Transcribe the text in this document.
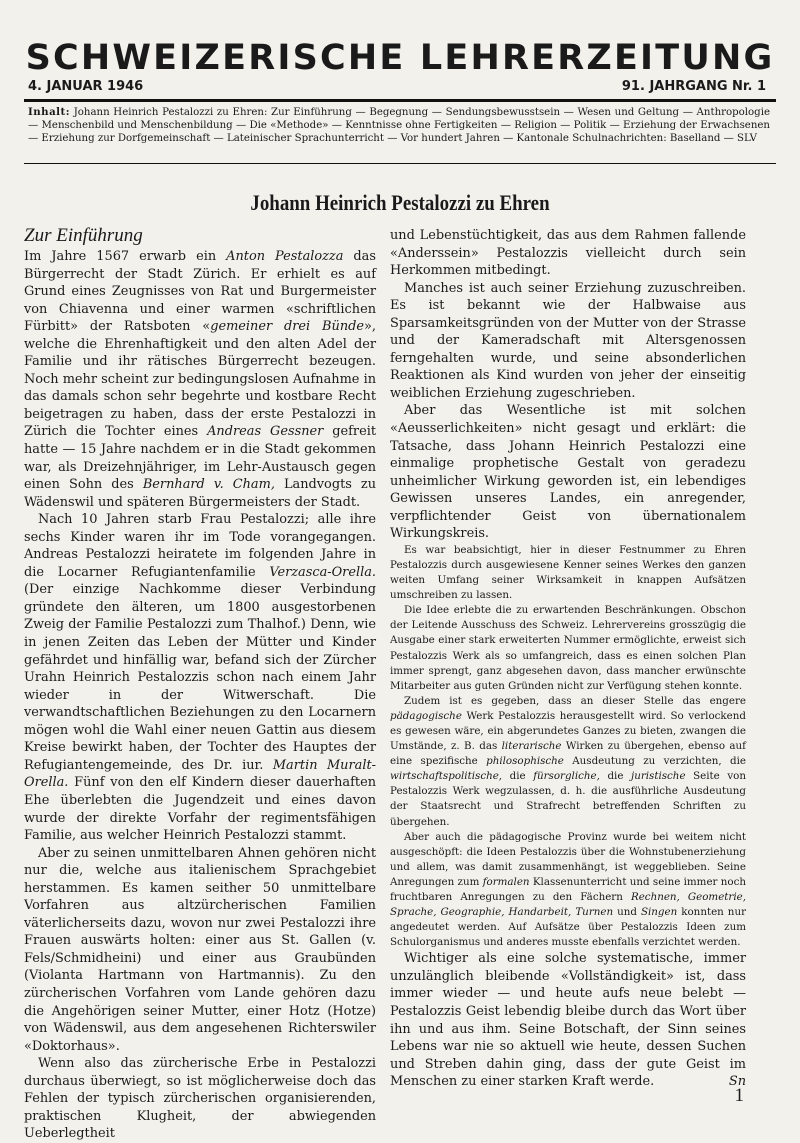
SCHWEIZERISCHE LEHRERZEITUNG
4. JANUAR 1946	91. JAHRGANG Nr. 1
Inhalt: Johann Heinrich Pestalozzi zu Ehren: Zur Einführung — Begegnung — Sendungsbewusstsein — Wesen und Geltung — Anthropologie — Menschenbild und Menschenbildung — Die «Methode» — Kenntnisse ohne Fertigkeiten — Religion — Politik — Erziehung der Erwachsenen — Erziehung zur Dorfgemeinschaft — Lateinischer Sprachunterricht — Vor hundert Jahren — Kantonale Schulnachrichten: Baselland — SLV
Johann Heinrich Pestalozzi zu Ehren
Zur Einführung

Im Jahre 1567 erwarb ein Anton Pestalozza das Bürgerrecht der Stadt Zürich. Er erhielt es auf Grund eines Zeugnisses von Rat und Burgermeister von Chiavenna und einer warmen «schriftlichen Fürbitt» der Ratsboten «gemeiner drei Bünde», welche die Ehrenhaftigkeit und den alten Adel der Familie und ihr rätisches Bürgerrecht bezeugen. Noch mehr scheint zur bedingungslosen Aufnahme in das damals schon sehr begehrte und kostbare Recht beigetragen zu haben, dass der erste Pestalozzi in Zürich die Tochter eines Andreas Gessner gefreit hatte — 15 Jahre nachdem er in die Stadt gekommen war, als Dreizehnjähriger, im Lehr-Austausch gegen einen Sohn des Bernhard v. Cham, Landvogts zu Wädenswil und späteren Bürgermeisters der Stadt.

Nach 10 Jahren starb Frau Pestalozzi; alle ihre sechs Kinder waren ihr im Tode vorangegangen. Andreas Pestalozzi heiratete im folgenden Jahre in die Locarner Refugiantenfamilie Verzasca-Orella. (Der einzige Nachkomme dieser Verbindung gründete den älteren, um 1800 ausgestorbenen Zweig der Familie Pestalozzi zum Thalhof.) Denn, wie in jenen Zeiten das Leben der Mütter und Kinder gefährdet und hinfällig war, befand sich der Zürcher Urahn Heinrich Pestalozzis schon nach einem Jahr wieder in der Witwerschaft. Die verwandtschaftlichen Beziehungen zu den Locarnern mögen wohl die Wahl einer neuen Gattin aus diesem Kreise bewirkt haben, der Tochter des Hauptes der Refugiantengemeinde, des Dr. iur. Martin Muralt-Orella. Fünf von den elf Kindern dieser dauerhaften Ehe überlebten die Jugendzeit und eines davon wurde der direkte Vorfahr der regimentsfähigen Familie, aus welcher Heinrich Pestalozzi stammt.

Aber zu seinen unmittelbaren Ahnen gehören nicht nur die, welche aus italienischem Sprachgebiet herstammen. Es kamen seither 50 unmittelbare Vorfahren aus altzürcherischen Familien väterlicherseits dazu, wovon nur zwei Pestalozzi ihre Frauen auswärts holten: einer aus St. Gallen (v. Fels/Schmidheini) und einer aus Graubünden (Violanta Hartmann von Hartmannis). Zu den zürcherischen Vorfahren vom Lande gehören dazu die Angehörigen seiner Mutter, einer Hotz (Hotze) von Wädenswil, aus dem angesehenen Richterswiler «Doktorhaus».

Wenn also das zürcherische Erbe in Pestalozzi durchaus überwiegt, so ist möglicherweise doch das Fehlen der typisch zürcherischen organisierenden, praktischen Klugheit, der abwiegenden Ueberlegtheit

und Lebenstüchtigkeit, das aus dem Rahmen fallende «Anderssein» Pestalozzis vielleicht durch sein Herkommen mitbedingt.

Manches ist auch seiner Erziehung zuzuschreiben. Es ist bekannt wie der Halbwaise aus Sparsamkeitsgründen von der Mutter von der Strasse und der Kameradschaft mit Altersgenossen ferngehalten wurde, und seine absonderlichen Reaktionen als Kind wurden von jeher der einseitig weiblichen Erziehung zugeschrieben.

Aber das Wesentliche ist mit solchen «Aeusserlichkeiten» nicht gesagt und erklärt: die Tatsache, dass Johann Heinrich Pestalozzi eine einmalige prophetische Gestalt von geradezu unheimlicher Wirkung geworden ist, ein lebendiges Gewissen unseres Landes, ein anregender, verpflichtender Geist von übernationalem Wirkungskreis.

Es war beabsichtigt, hier in dieser Festnummer zu Ehren Pestalozzis durch ausgewiesene Kenner seines Werkes den ganzen weiten Umfang seiner Wirksamkeit in knappen Aufsätzen umschreiben zu lassen.

Die Idee erlebte die zu erwartenden Beschränkungen. Obschon der Leitende Ausschuss des Schweiz. Lehrervereins grosszügig die Ausgabe einer stark erweiterten Nummer ermöglichte, erweist sich Pestalozzis Werk als so umfangreich, dass es einen solchen Plan immer sprengt, ganz abgesehen davon, dass mancher erwünschte Mitarbeiter aus guten Gründen nicht zur Verfügung stehen konnte.

Zudem ist es gegeben, dass an dieser Stelle das engere pädagogische Werk Pestalozzis herausgestellt wird. So verlockend es gewesen wäre, ein abgerundetes Ganzes zu bieten, zwangen die Umstände, z. B. das literarische Wirken zu übergehen, ebenso auf eine spezifische philosophische Ausdeutung zu verzichten, die wirtschaftspolitische, die fürsorgliche, die juristische Seite von Pestalozzis Werk wegzulassen, d. h. die ausführliche Ausdeutung der Staatsrecht und Strafrecht betreffenden Schriften zu übergehen.

Aber auch die pädagogische Provinz wurde bei weitem nicht ausgeschöpft: die Ideen Pestalozzis über die Wohnstubenerziehung und allem, was damit zusammenhängt, ist weggeblieben. Seine Anregungen zum formalen Klassenunterricht und seine immer noch fruchtbaren Anregungen zu den Fächern Rechnen, Geometrie, Sprache, Geographie, Handarbeit, Turnen und Singen konnten nur angedeutet werden. Auf Aufsätze über Pestalozzis Ideen zum Schulorganismus und anderes musste ebenfalls verzichtet werden.

Wichtiger als eine solche systematische, immer unzulänglich bleibende «Vollständigkeit» ist, dass immer wieder — und heute aufs neue belebt — Pestalozzis Geist lebendig bleibe durch das Wort über ihn und aus ihm. Seine Botschaft, der Sinn seines Lebens war nie so aktuell wie heute, dessen Suchen und Streben dahin ging, dass der gute Geist im Menschen zu einer starken Kraft werde.	Sn
1
